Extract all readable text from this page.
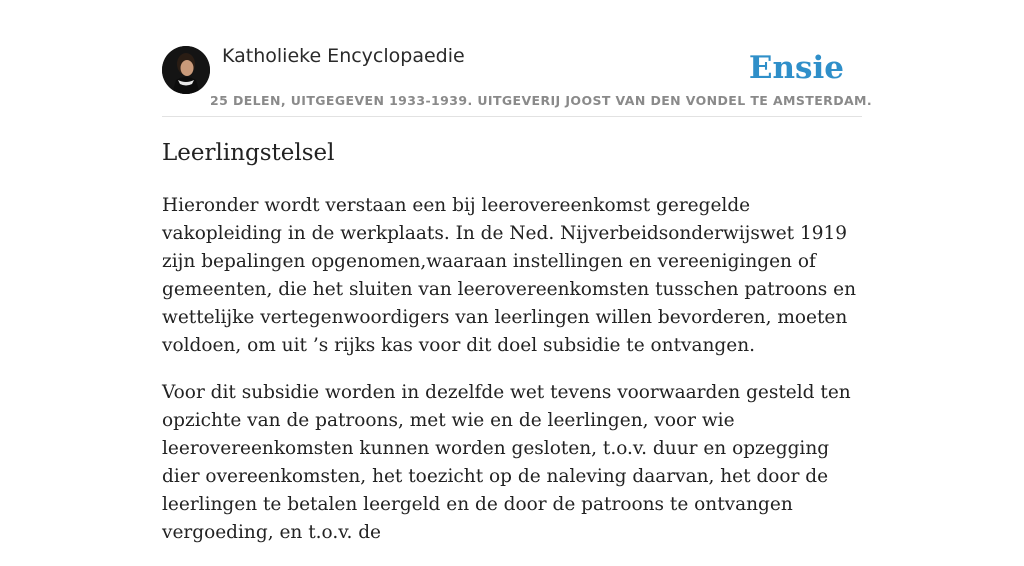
Katholieke Encyclopaedie
25 DELEN, UITGEGEVEN 1933-1939. UITGEVERIJ JOOST VAN DEN VONDEL TE AMSTERDAM.
Ensie
Leerlingstelsel

Hieronder wordt verstaan een bij leerovereenkomst geregelde vakopleiding in de werkplaats. In de Ned. Nijverbeidsonderwijswet 1919 zijn bepalingen opgenomen,waaraan instellingen en vereenigingen of gemeenten, die het sluiten van leerovereenkomsten tusschen patroons en wettelijke vertegenwoordigers van leerlingen willen bevorderen, moeten voldoen, om uit ’s rijks kas voor dit doel subsidie te ontvangen.

Voor dit subsidie worden in dezelfde wet tevens voorwaarden gesteld ten opzichte van de patroons, met wie en de leerlingen, voor wie leerovereenkomsten kunnen worden gesloten, t.o.v. duur en opzegging dier overeenkomsten, het toezicht op de naleving daarvan, het door de leerlingen te betalen leergeld en de door de patroons te ontvangen vergoeding, en t.o.v. de
